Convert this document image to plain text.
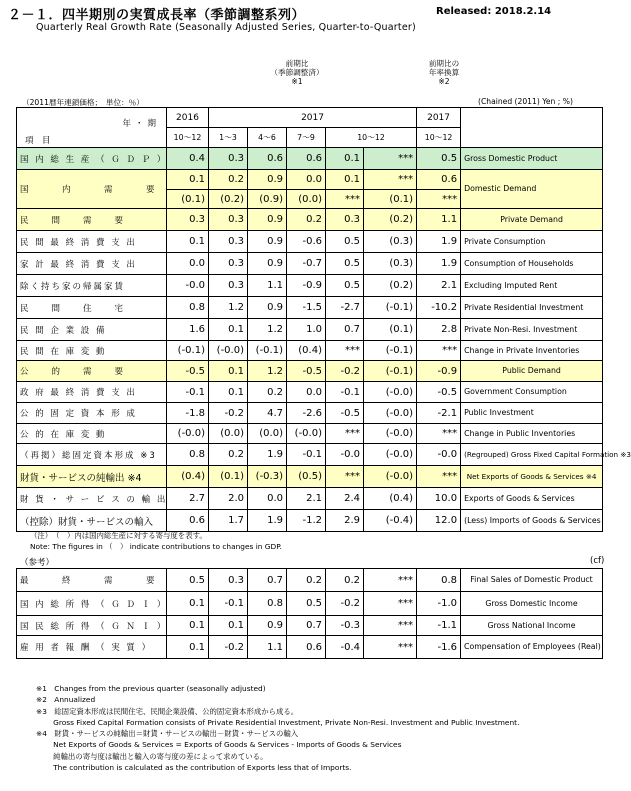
２－１．四半期別の実質成長率（季節調整系列）	Released: 2018.2.14
Quarterly Real Growth Rate (Seasonally Adjusted Series, Quarter-to-Quarter)
前期比
（季節調整済）
※1
前期比の
年率換算
※2
（2011暦年連鎖価格；　単位：％）	(Chained (2011) Yen ; %)
年・期
項　目	2016	2017					2017	
	10～12	1～3	4～6	7～9	10～12		10～12	
国 内 総 生 産 （ Ｇ Ｄ Ｐ ）	0.4	0.3	0.6	0.6	0.1	***	0.5	Gross Domestic Product
国　　　内　　　需　　　要	0.1	0.2	0.9	0.0	0.1	***	0.6	Domestic Demand
	(0.1)	(0.2)	(0.9)	(0.0)	***	(0.1)	***	
民　　間　　需　　要	0.3	0.3	0.9	0.2	0.3	(0.2)	1.1	Private Demand
民 間 最 終 消 費 支 出	0.1	0.3	0.9	-0.6	0.5	(0.3)	1.9	Private Consumption
家 計 最 終 消 費 支 出	0.0	0.3	0.9	-0.7	0.5	(0.3)	1.9	Consumption of Households
除く持ち家の帰属家賃	-0.0	0.3	1.1	-0.9	0.5	(0.2)	2.1	Excluding Imputed Rent
民　　間　　住　　宅	0.8	1.2	0.9	-1.5	-2.7	(-0.1)	-10.2	Private Residential Investment
民 間 企 業 設 備	1.6	0.1	1.2	1.0	0.7	(0.1)	2.8	Private Non-Resi. Investment
民 間 在 庫 変 動	(-0.1)	(-0.0)	(-0.1)	(0.4)	***	(-0.1)	***	Change in Private Inventories
公　　的　　需　　要	-0.5	0.1	1.2	-0.5	-0.2	(-0.1)	-0.9	Public Demand
政 府 最 終 消 費 支 出	-0.1	0.1	0.2	0.0	-0.1	(-0.0)	-0.5	Government Consumption
公 的 固 定 資 本 形 成	-1.8	-0.2	4.7	-2.6	-0.5	(-0.0)	-2.1	Public Investment
公 的 在 庫 変 動	(-0.0)	(0.0)	(0.0)	(-0.0)	***	(-0.0)	***	Change in Public Inventories
（再掲）総固定資本形成 ※3	0.8	0.2	1.9	-0.1	-0.0	(-0.0)	-0.0	(Regrouped) Gross Fixed Capital Formation ※3
財貨・サービスの純輸出 ※4	(0.4)	(0.1)	(-0.3)	(0.5)	***	(-0.0)	***	Net Exports of Goods & Services ※4
財 貨 ・ サ ー ビ ス の 輸 出	2.7	2.0	0.0	2.1	2.4	(0.4)	10.0	Exports of Goods & Services
（控除）財貨・サービスの輸入	0.6	1.7	1.9	-1.2	2.9	(-0.4)	12.0	(Less) Imports of Goods & Services
（注）　（　）内は国内総生産に対する寄与度を表す。
Note: The figures in （　） indicate contributions to changes in GDP.
（参考）	(cf)
最　　　終　　　需　　　要	0.5	0.3	0.7	0.2	0.2	***	0.8	Final Sales of Domestic Product
国 内 総 所 得 （ Ｇ Ｄ Ｉ ）	0.1	-0.1	0.8	0.5	-0.2	***	-1.0	Gross Domestic Income
国 民 総 所 得 （ Ｇ Ｎ Ｉ ）	0.1	0.1	0.9	0.7	-0.3	***	-1.1	Gross National Income
雇 用 者 報 酬 （ 実 質 ）	0.1	-0.2	1.1	0.6	-0.4	***	-1.6	Compensation of Employees (Real)
※1　Changes from the previous quarter (seasonally adjusted)
※2　Annualized
※3　総固定資本形成は民間住宅、民間企業設備、公的固定資本形成から成る。
　　 Gross Fixed Capital Formation consists of Private Residential Investment, Private Non-Resi. Investment and Public Investment.
※4　財貨・サービスの純輸出＝財貨・サービスの輸出－財貨・サービスの輸入
　　 Net Exports of Goods & Services = Exports of Goods & Services - Imports of Goods & Services
　　 純輸出の寄与度は輸出と輸入の寄与度の差によって求めている。
　　 The contribution is calculated as the contribution of Exports less that of Imports.
